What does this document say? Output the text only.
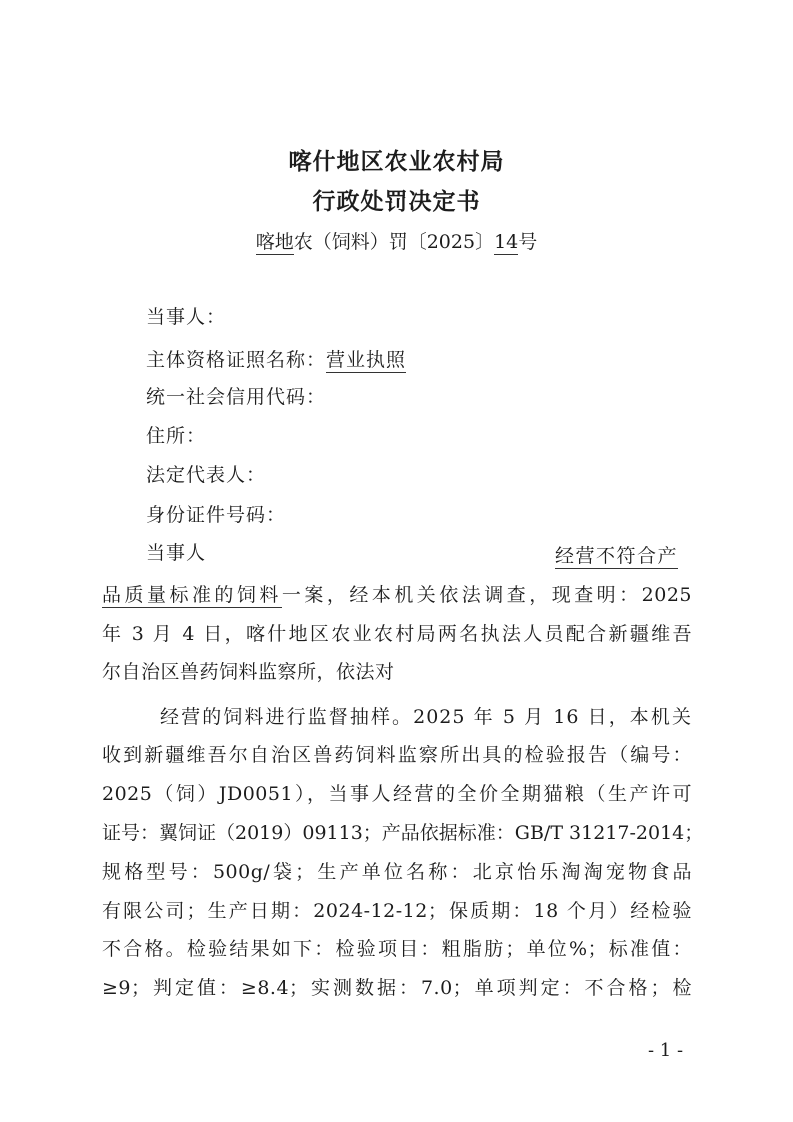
喀什地区农业农村局
行政处罚决定书
喀地农（饲料）罚〔2025〕14号
当事人：
主体资格证照名称：营业执照
统一社会信用代码：
住所：
法定代表人：
身份证件号码：
当事人	经营不符合产
品质量标准的饲料一案，经本机关依法调查，现查明：2025
年 3 月 4 日，喀什地区农业农村局两名执法人员配合新疆维吾
尔自治区兽药饲料监察所，依法对
经营的饲料进行监督抽样。2025 年 5 月 16 日，本机关
收到新疆维吾尔自治区兽药饲料监察所出具的检验报告（编号：
2025（饲）JD0051），当事人经营的全价全期猫粮（生产许可
证号：翼饲证（2019）09113；产品依据标准：GB/T 31217-2014；
规格型号：500g/袋；生产单位名称：北京怡乐淘淘宠物食品
有限公司；生产日期：2024-12-12；保质期：18 个月）经检验
不合格。检验结果如下：检验项目：粗脂肪；单位%；标准值：
≥9；判定值：≥8.4；实测数据：7.0；单项判定：不合格；检
- 1 -
